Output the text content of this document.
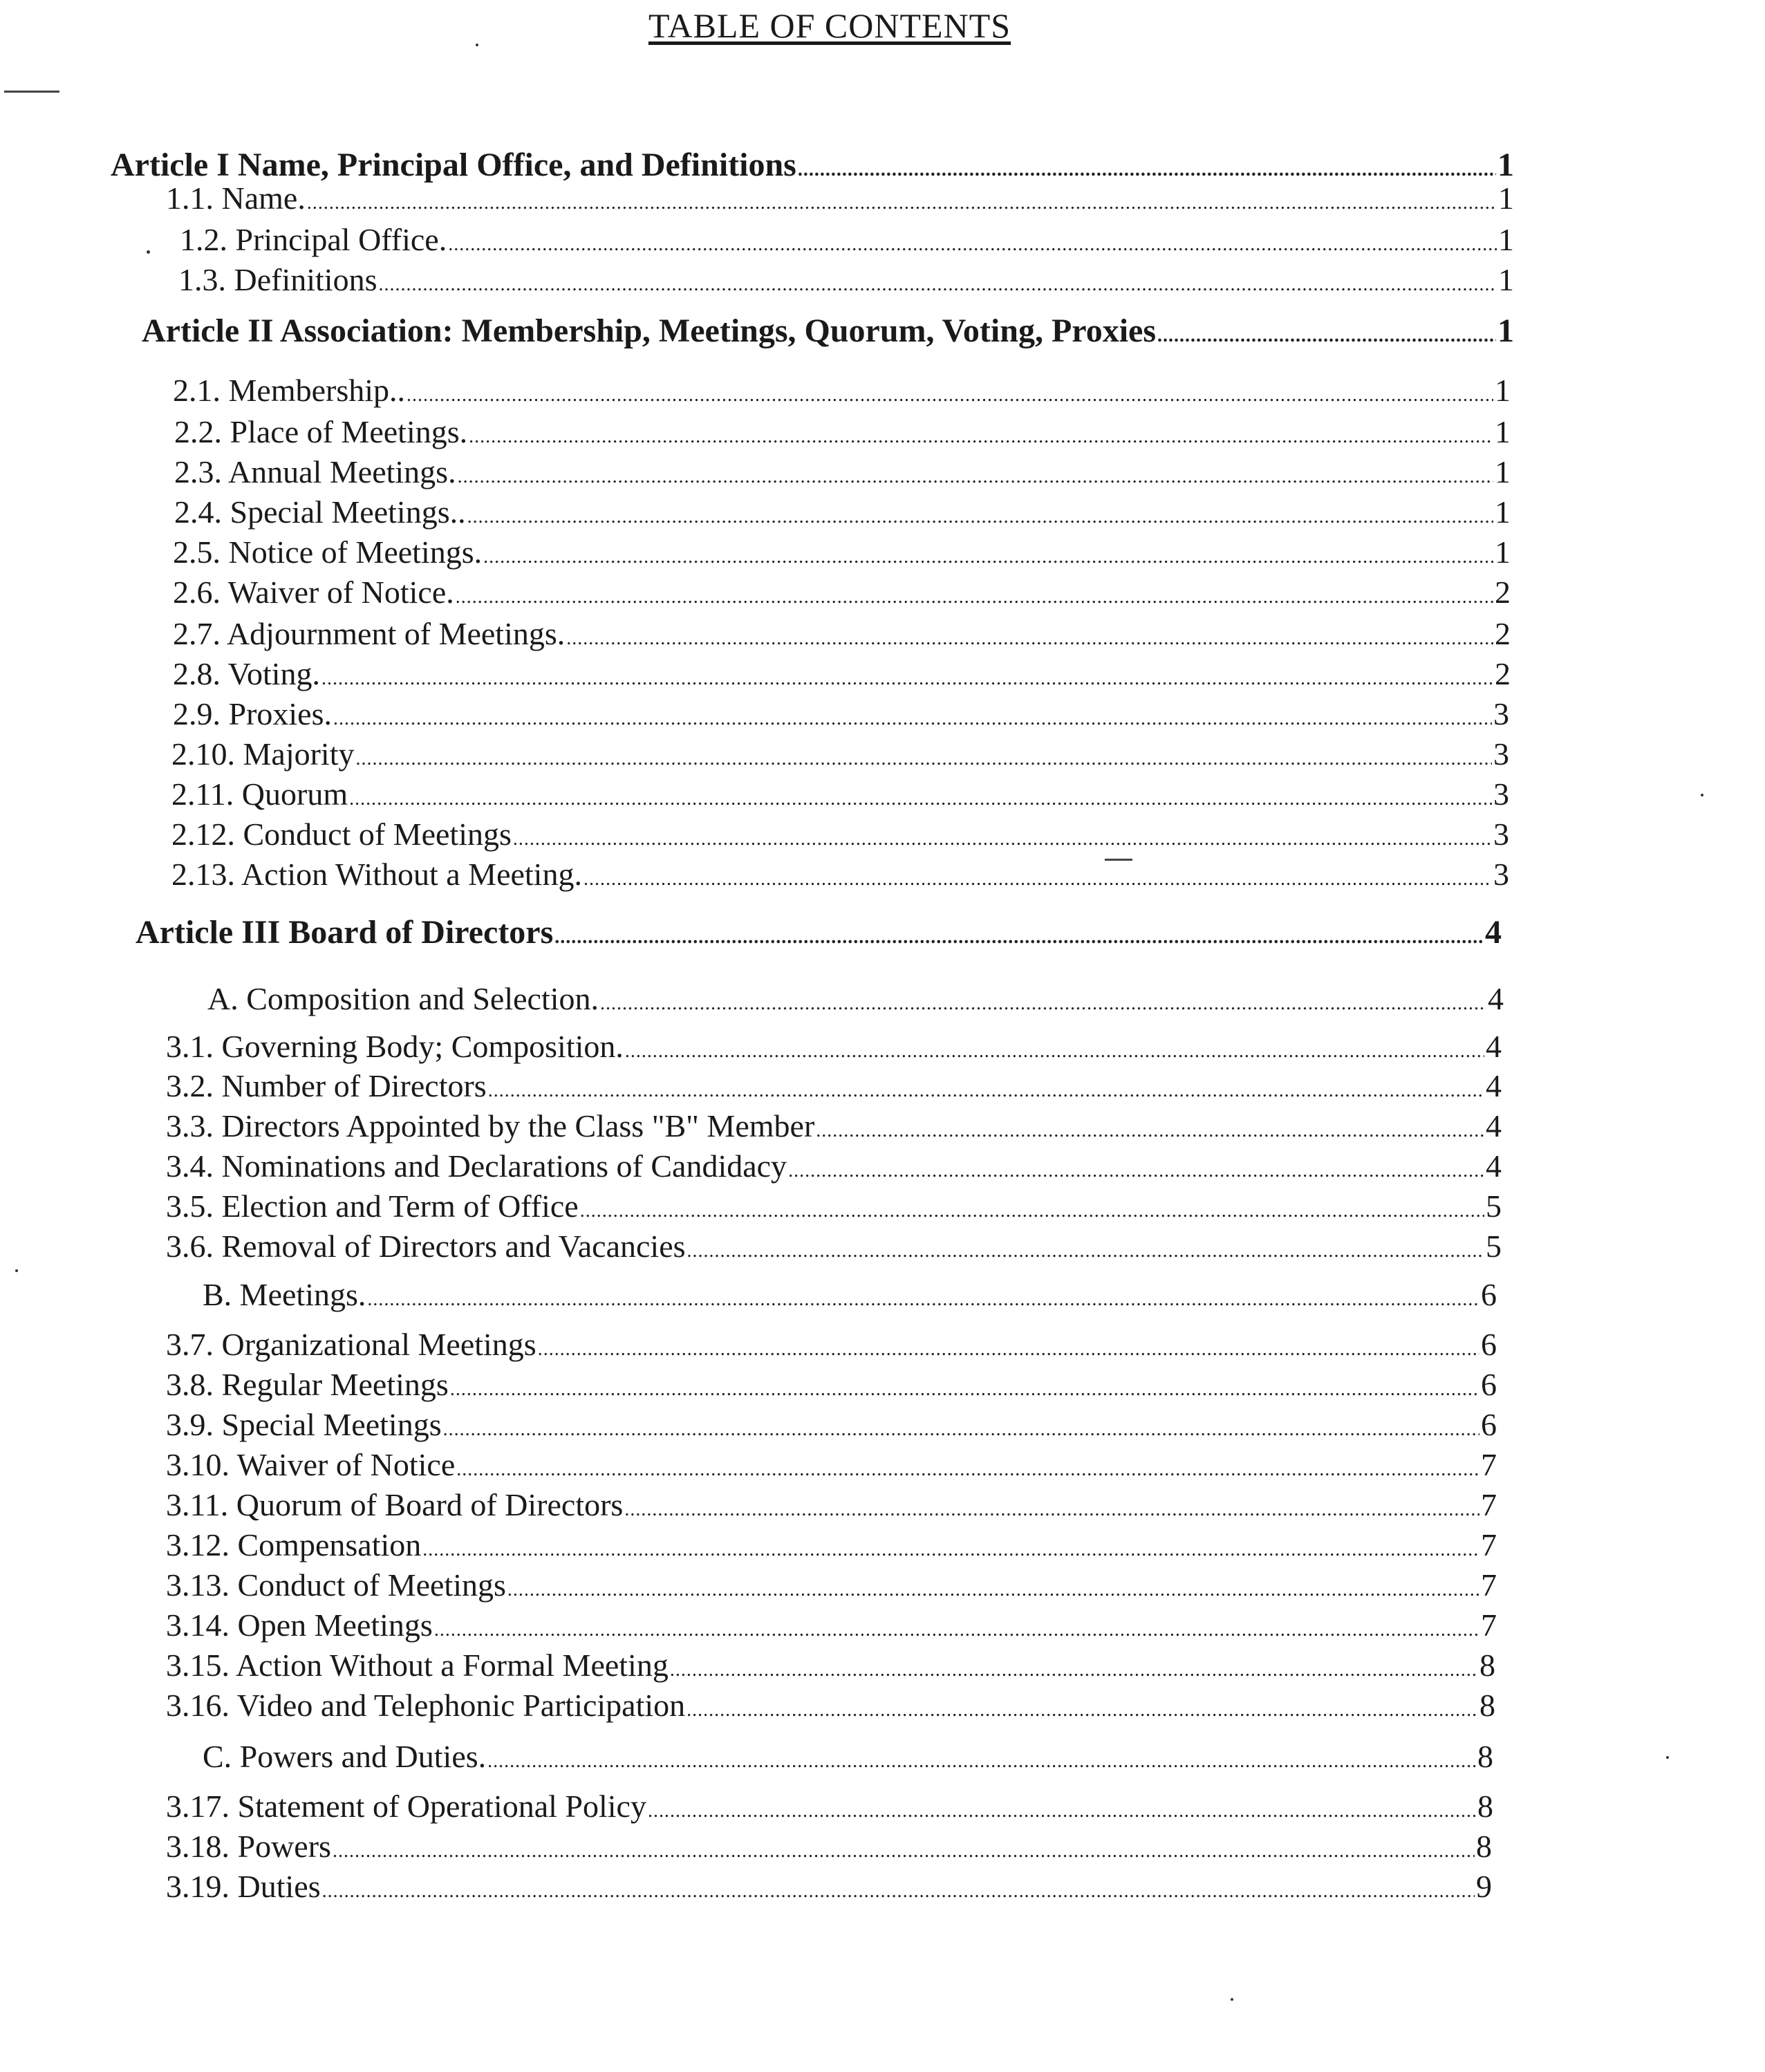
TABLE OF CONTENTS
Article I Name, Principal Office, and Definitions .....	1
1.1. Name. .....	1
1.2. Principal Office. .....	1
1.3. Definitions .....	1
Article II Association: Membership, Meetings, Quorum, Voting, Proxies .....	1
2.1. Membership.. .....	1
2.2. Place of Meetings. .....	1
2.3. Annual Meetings. .....	1
2.4. Special Meetings.. .....	1
2.5. Notice of Meetings. .....	1
2.6. Waiver of Notice. .....	2
2.7. Adjournment of Meetings. .....	2
2.8. Voting. .....	2
2.9. Proxies. .....	3
2.10. Majority .....	3
2.11. Quorum .....	3
2.12. Conduct of Meetings .....	3
2.13. Action Without a Meeting. .....	3
Article III Board of Directors .....	4
A. Composition and Selection. .....	4
3.1. Governing Body; Composition. .....	4
3.2. Number of Directors .....	4
3.3. Directors Appointed by the Class "B" Member .....	4
3.4. Nominations and Declarations of Candidacy .....	4
3.5. Election and Term of Office .....	5
3.6. Removal of Directors and Vacancies .....	5
B. Meetings. .....	6
3.7. Organizational Meetings .....	6
3.8. Regular Meetings .....	6
3.9. Special Meetings .....	6
3.10. Waiver of Notice .....	7
3.11. Quorum of Board of Directors .....	7
3.12. Compensation .....	7
3.13. Conduct of Meetings .....	7
3.14. Open Meetings .....	7
3.15. Action Without a Formal Meeting .....	8
3.16. Video and Telephonic Participation .....	8
C. Powers and Duties. .....	8
3.17. Statement of Operational Policy .....	8
3.18. Powers .....	8
3.19. Duties .....	9
